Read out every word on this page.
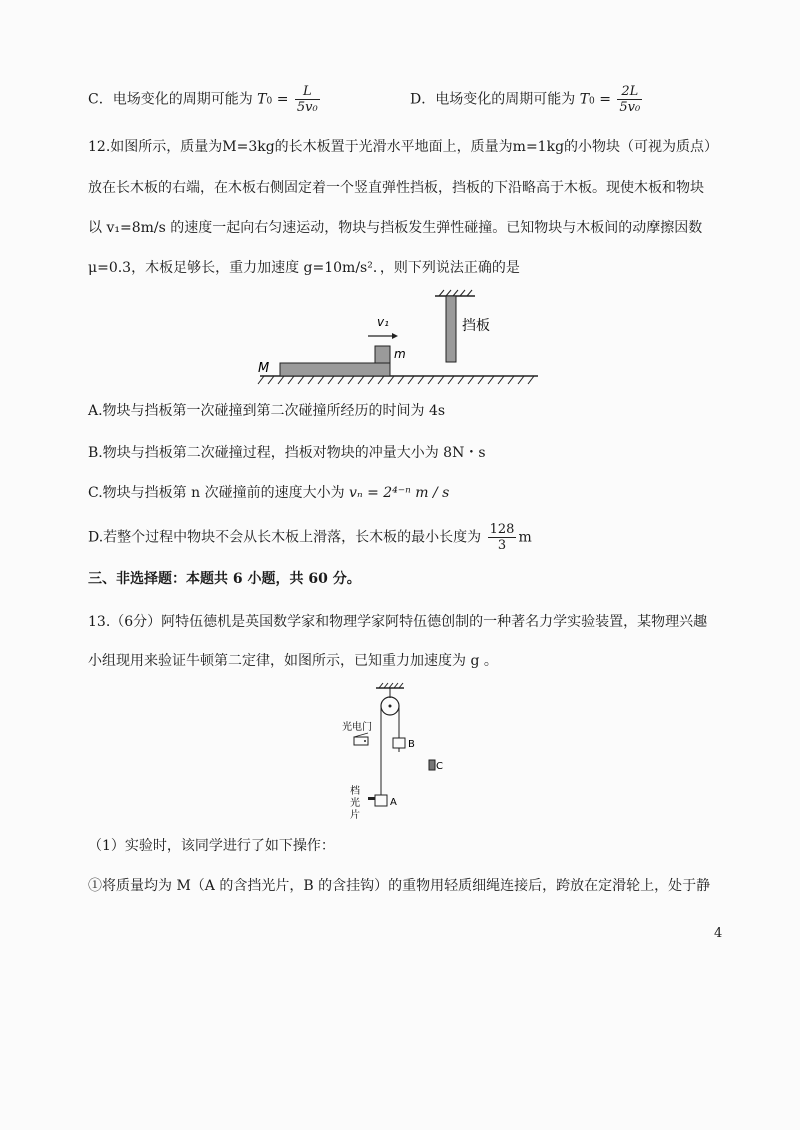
C．电场变化的周期可能为 $T0 = \frac{L}{\text{5v₀}}$	D．电场变化的周期可能为 $T0 = \frac{2L}{\text{5v₀}}$
12.如图所示，质量为M=3kg的长木板置于光滑水平地面上，质量为m=1kg的小物块（可视为质点）
放在长木板的右端，在木板右侧固定着一个竖直弹性挡板，挡板的下沿略高于木板。现使木板和物块
以 v₁=8m/s 的速度一起向右匀速运动，物块与挡板发生弹性碰撞。已知物块与木板间的动摩擦因数
μ=0.3，木板足够长，重力加速度 g=10m/s²．，则下列说法正确的是
v₁
m
M
挡板
A.物块与挡板第一次碰撞到第二次碰撞所经历的时间为 4s
B.物块与挡板第二次碰撞过程，挡板对物块的冲量大小为 8N・s
C.物块与挡板第 n 次碰撞前的速度大小为 vₙ = 2⁴⁻ⁿ m / s
D.若整个过程中物块不会从长木板上滑落，长木板的最小长度为 $\frac{128}{3}$ m
三、非选择题：本题共 6 小题，共 60 分。
13.（6分）阿特伍德机是英国数学家和物理学家阿特伍德创制的一种著名力学实验装置，某物理兴趣
小组现用来验证牛顿第二定律，如图所示，已知重力加速度为 g 。
B
C
光电门
A
档
光
片
（1）实验时，该同学进行了如下操作：
①将质量均为 M（A 的含挡光片，B 的含挂钩）的重物用轻质细绳连接后，跨放在定滑轮上，处于静
4
